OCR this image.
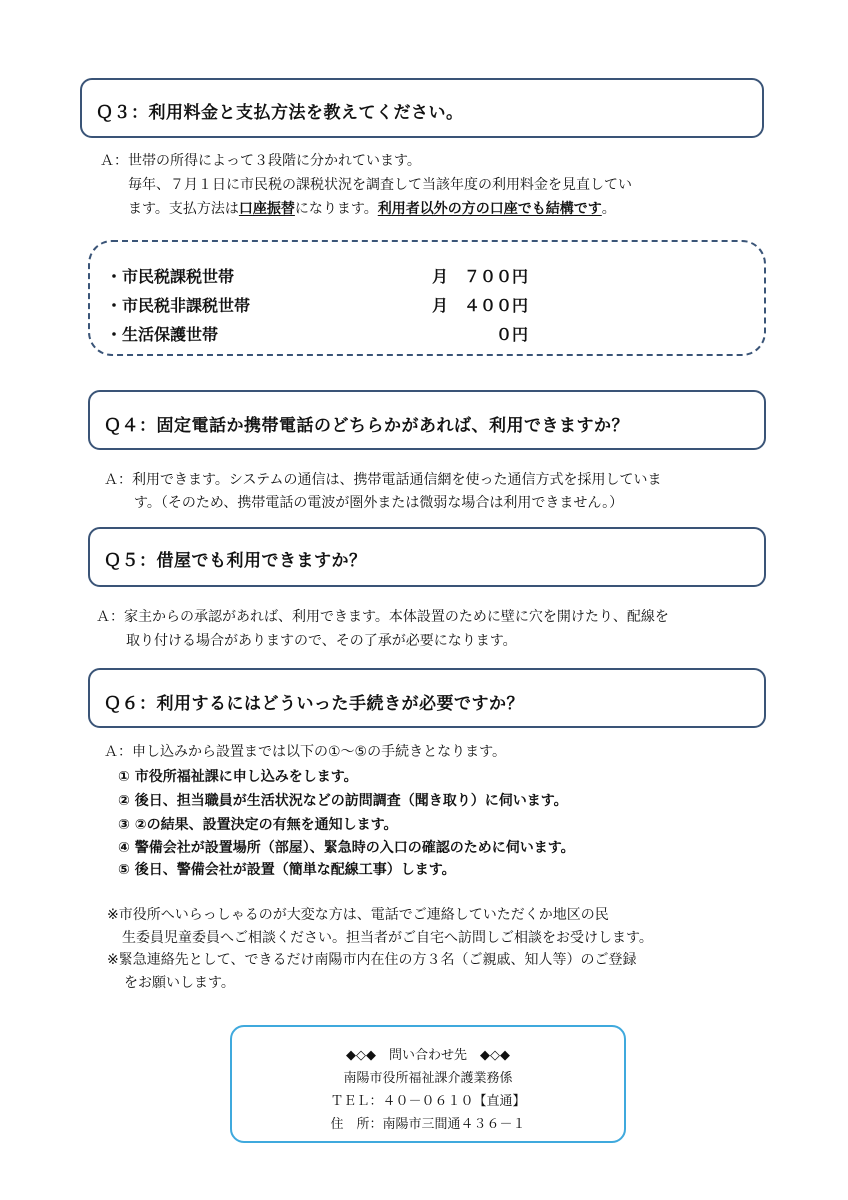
Ｑ３：利用料金と支払方法を教えてください。
Ａ：世帯の所得によって３段階に分かれています。
毎年、７月１日に市民税の課税状況を調査して当該年度の利用料金を見直してい
ます。支払方法は口座振替になります。利用者以外の方の口座でも結構です。
・市民税課税世帯	月　７００円
・市民税非課税世帯	月　４００円
・生活保護世帯	０円
Ｑ４：固定電話か携帯電話のどちらかがあれば、利用できますか？
Ａ：利用できます。システムの通信は、携帯電話通信網を使った通信方式を採用していま
す。（そのため、携帯電話の電波が圏外または微弱な場合は利用できません。）
Ｑ５：借屋でも利用できますか？
Ａ：家主からの承認があれば、利用できます。本体設置のために壁に穴を開けたり、配線を
取り付ける場合がありますので、その了承が必要になります。
Ｑ６：利用するにはどういった手続きが必要ですか？
Ａ：申し込みから設置までは以下の①～⑤の手続きとなります。
① 市役所福祉課に申し込みをします。
② 後日、担当職員が生活状況などの訪問調査（聞き取り）に伺います。
③ ②の結果、設置決定の有無を通知します。
④ 警備会社が設置場所（部屋）、緊急時の入口の確認のために伺います。
⑤ 後日、警備会社が設置（簡単な配線工事）します。
※市役所へいらっしゃるのが大変な方は、電話でご連絡していただくか地区の民
生委員児童委員へご相談ください。担当者がご自宅へ訪問しご相談をお受けします。
※緊急連絡先として、できるだけ南陽市内在住の方３名（ご親戚、知人等）のご登録
をお願いします。
◆◇◆　問い合わせ先　◆◇◆
南陽市役所福祉課介護業務係
ＴＥＬ：４０－０６１０【直通】
住　所：南陽市三間通４３６－１
